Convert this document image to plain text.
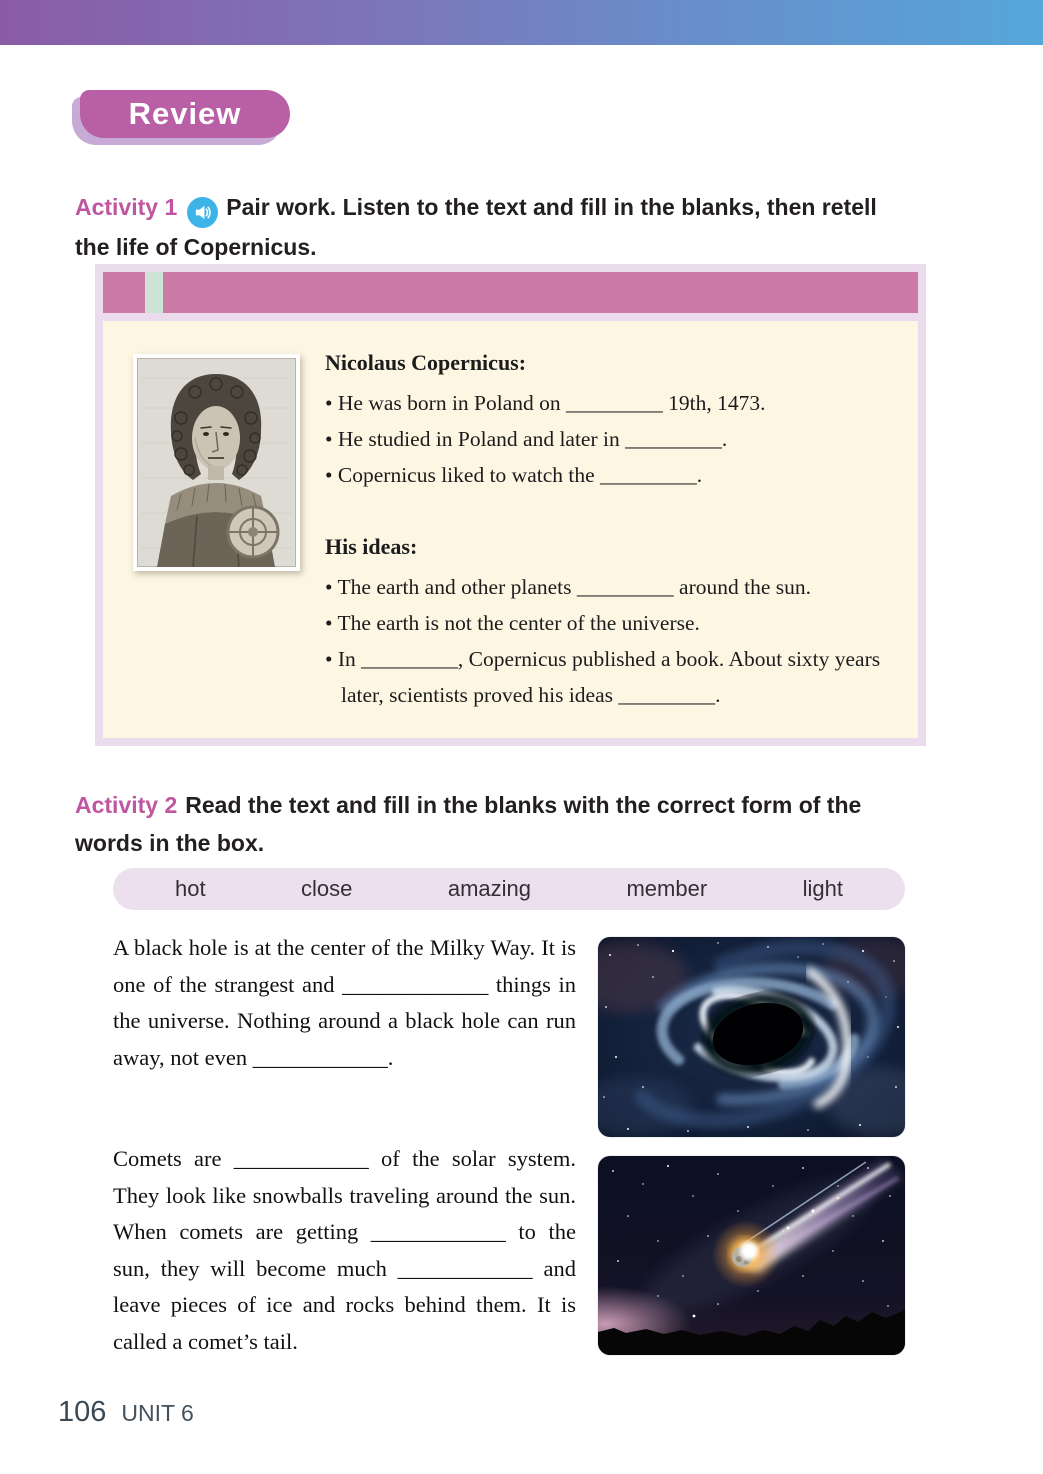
Review
Activity 1 Pair work. Listen to the text and fill in the blanks, then retell
the life of Copernicus.
Nicolaus Copernicus:
• He was born in Poland on _________ 19th, 1473.
• He studied in Poland and later in _________.
• Copernicus liked to watch the _________.
His ideas:
• The earth and other planets _________ around the sun.
• The earth is not the center of the universe.
• In _________, Copernicus published a book. About sixty years later, scientists proved his ideas _________.
Activity 2 Read the text and fill in the blanks with the correct form of the
words in the box.
hot	close	amazing	member	light

A black hole is at the center of the Milky Way. It is one of the strangest and _____________ things in the universe. Nothing around a black hole can run away, not even ____________.

Comets are ____________ of the solar system. They look like snowballs traveling around the sun. When comets are getting ____________ to the sun, they will become much ____________ and leave pieces of ice and rocks behind them. It is called a comet’s tail.

106 UNIT 6
